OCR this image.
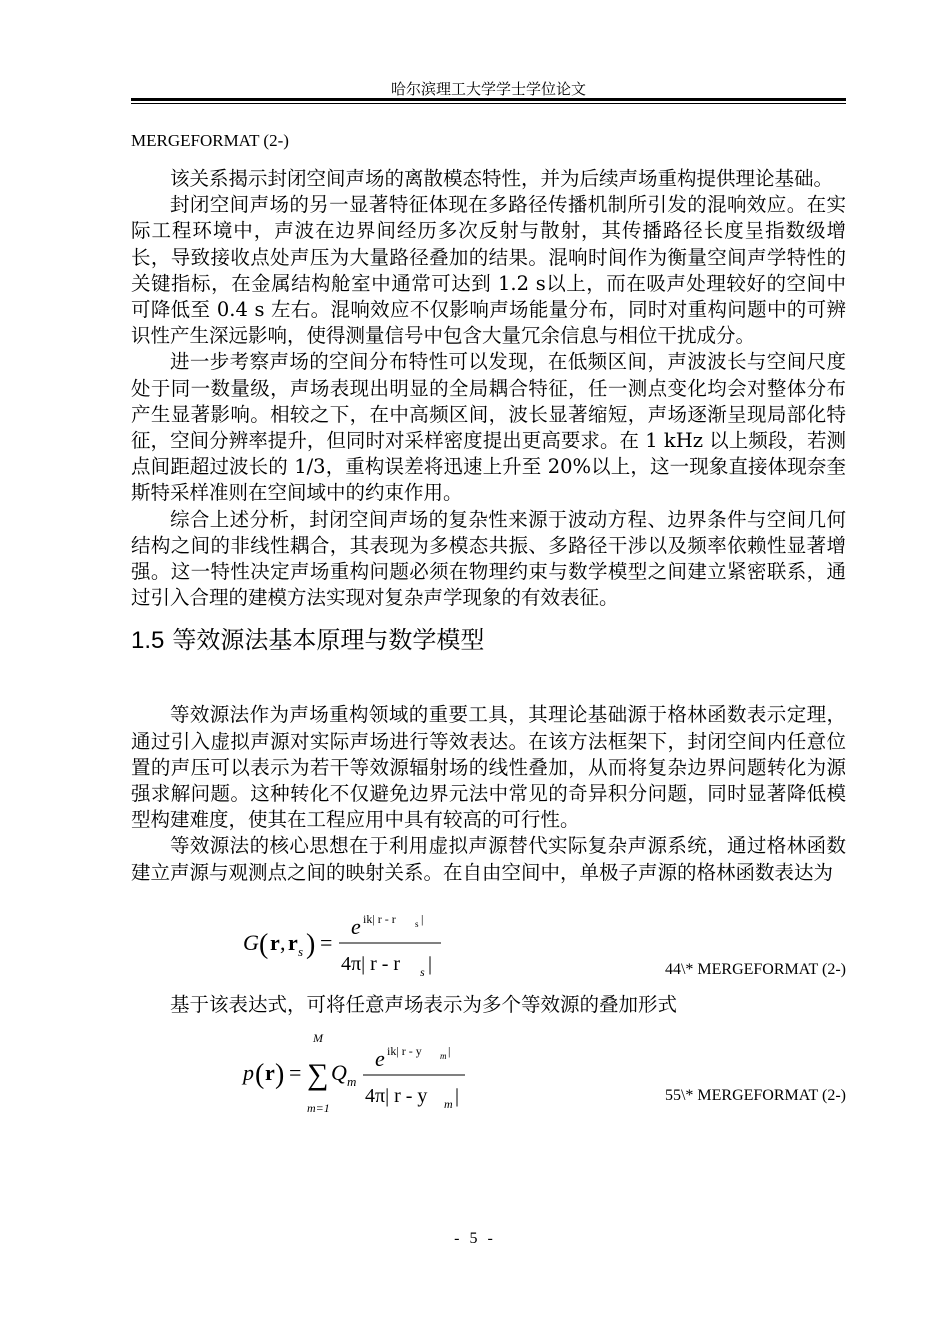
哈尔滨理工大学学士学位论文

MERGEFORMAT (2-)

该关系揭示封闭空间声场的离散模态特性，并为后续声场重构提供理论基础。

封闭空间声场的另一显著特征体现在多路径传播机制所引发的混响效应。在实际工程环境中，声波在边界间经历多次反射与散射，其传播路径长度呈指数级增长，导致接收点处声压为大量路径叠加的结果。混响时间作为衡量空间声学特性的关键指标，在金属结构舱室中通常可达到 1.2 s以上，而在吸声处理较好的空间中可降低至 0.4 s 左右。混响效应不仅影响声场能量分布，同时对重构问题中的可辨识性产生深远影响，使得测量信号中包含大量冗余信息与相位干扰成分。

进一步考察声场的空间分布特性可以发现，在低频区间，声波波长与空间尺度处于同一数量级，声场表现出明显的全局耦合特征，任一测点变化均会对整体分布产生显著影响。相较之下，在中高频区间，波长显著缩短，声场逐渐呈现局部化特征，空间分辨率提升，但同时对采样密度提出更高要求。在 1 kHz 以上频段，若测点间距超过波长的 1/3，重构误差将迅速上升至 20%以上，这一现象直接体现奈奎斯特采样准则在空间域中的约束作用。

综合上述分析，封闭空间声场的复杂性来源于波动方程、边界条件与空间几何结构之间的非线性耦合，其表现为多模态共振、多路径干涉以及频率依赖性显著增强。这一特性决定声场重构问题必须在物理约束与数学模型之间建立紧密联系，通过引入合理的建模方法实现对复杂声学现象的有效表征。

1.5 等效源法基本原理与数学模型

等效源法作为声场重构领域的重要工具，其理论基础源于格林函数表示定理，通过引入虚拟声源对实际声场进行等效表达。在该方法框架下，封闭空间内任意位置的声压可以表示为若干等效源辐射场的线性叠加，从而将复杂边界问题转化为源强求解问题。这种转化不仅避免边界元法中常见的奇异积分问题，同时显著降低模型构建难度，使其在工程应用中具有较高的可行性。

等效源法的核心思想在于利用虚拟声源替代实际复杂声源系统，通过格林函数建立声源与观测点之间的映射关系。在自由空间中，单极子声源的格林函数表达为

G ( r , r s ) =
e ik| r - r s |
4π| r - r s |	44\* MERGEFORMAT (2-)

基于该表达式，可将任意声场表示为多个等效源的叠加形式

p ( r ) =
M
∑
m=1
Q m
e ik| r - y m |
4π| r - y m |	55\* MERGEFORMAT (2-)
- 5 -
